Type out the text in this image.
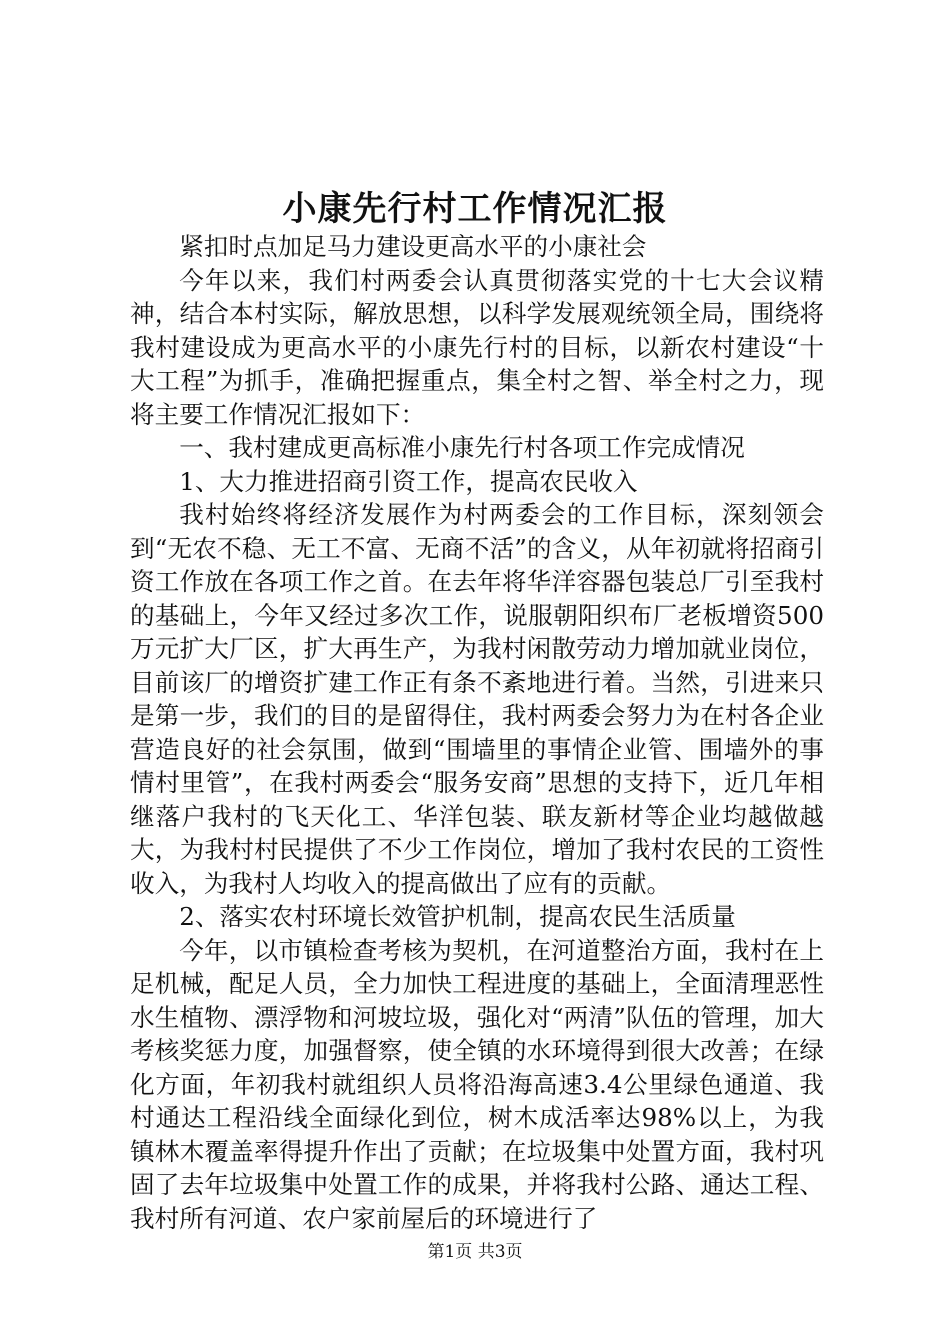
小康先行村工作情况汇报

紧扣时点加足马力建设更高水平的小康社会

今年以来，我们村两委会认真贯彻落实党的十七大会议精神，结合本村实际，解放思想，以科学发展观统领全局，围绕将我村建设成为更高水平的小康先行村的目标，以新农村建设“十大工程”为抓手，准确把握重点，集全村之智、举全村之力，现将主要工作情况汇报如下：

一、我村建成更高标准小康先行村各项工作完成情况

1、大力推进招商引资工作，提高农民收入

我村始终将经济发展作为村两委会的工作目标，深刻领会到“无农不稳、无工不富、无商不活”的含义，从年初就将招商引资工作放在各项工作之首。在去年将华洋容器包装总厂引至我村的基础上，今年又经过多次工作，说服朝阳织布厂老板增资500万元扩大厂区，扩大再生产，为我村闲散劳动力增加就业岗位，目前该厂的增资扩建工作正有条不紊地进行着。当然，引进来只是第一步，我们的目的是留得住，我村两委会努力为在村各企业营造良好的社会氛围，做到“围墙里的事情企业管、围墙外的事情村里管”，在我村两委会“服务安商”思想的支持下，近几年相继落户我村的飞天化工、华洋包装、联友新材等企业均越做越大，为我村村民提供了不少工作岗位，增加了我村农民的工资性收入，为我村人均收入的提高做出了应有的贡献。

2、落实农村环境长效管护机制，提高农民生活质量

今年，以市镇检查考核为契机，在河道整治方面，我村在上足机械，配足人员，全力加快工程进度的基础上，全面清理恶性水生植物、漂浮物和河坡垃圾，强化对“两清”队伍的管理，加大考核奖惩力度，加强督察，使全镇的水环境得到很大改善；在绿化方面，年初我村就组织人员将沿海高速3.4公里绿色通道、我村通达工程沿线全面绿化到位，树木成活率达98%以上，为我镇林木覆盖率得提升作出了贡献；在垃圾集中处置方面，我村巩固了去年垃圾集中处置工作的成果，并将我村公路、通达工程、我村所有河道、农户家前屋后的环境进行了

第1页 共3页
